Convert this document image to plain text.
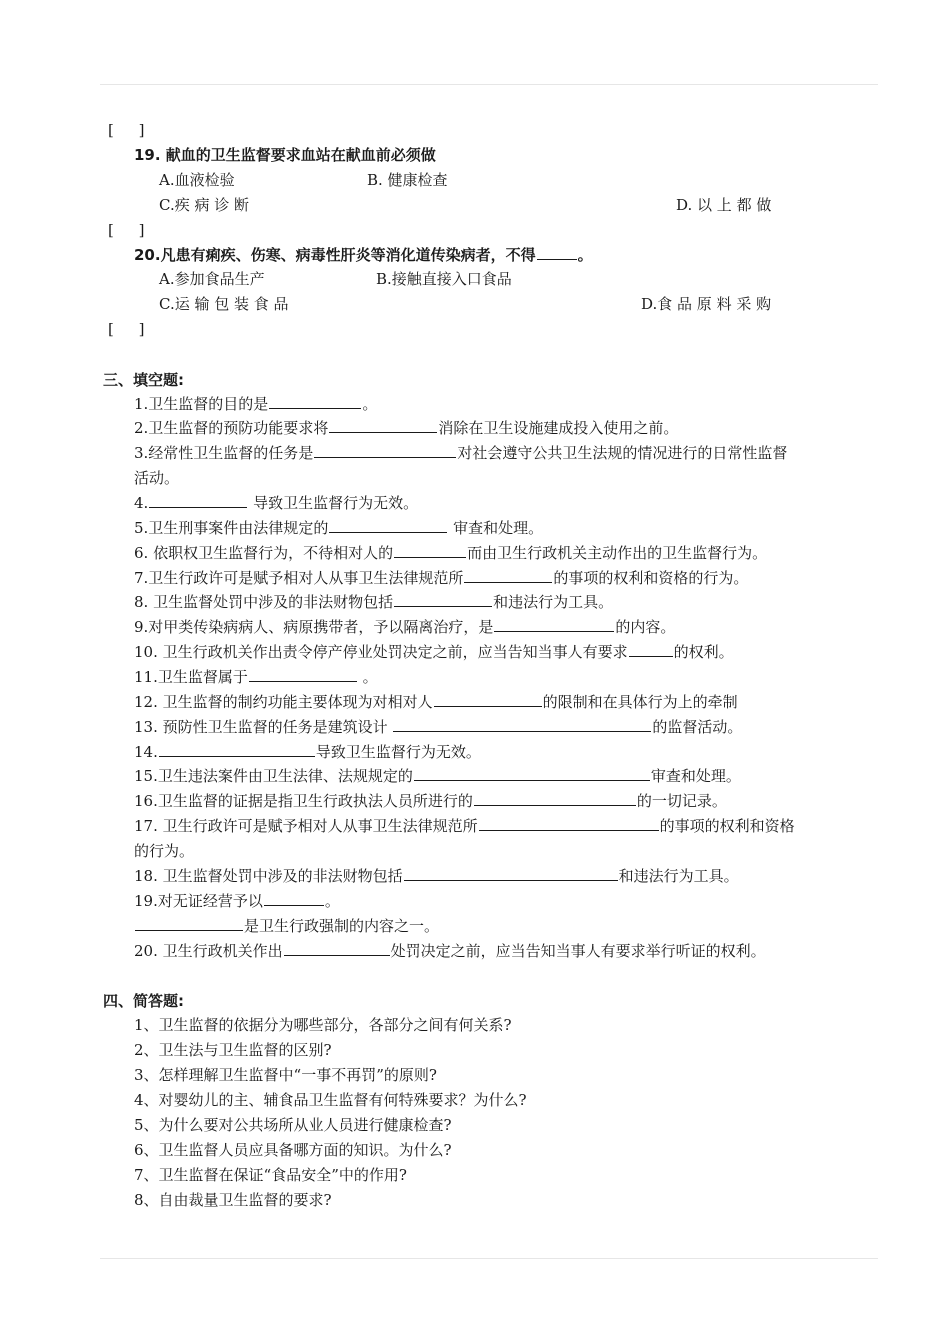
[ ]
19. 献血的卫生监督要求血站在献血前必须做
A.血液检验	B. 健康检查
C.疾 病 诊 断	D. 以 上 都 做
[ ]
20.凡患有痢疾、伤寒、病毒性肝炎等消化道传染病者，不得	。
A.参加食品生产	B.接触直接入口食品
C.运 输 包 装 食 品	D.食 品 原 料 采 购
[ ]
三、填空题:
1.卫生监督的目的是	。
2.卫生监督的预防功能要求将	消除在卫生设施建成投入使用之前。
3.经常性卫生监督的任务是	对社会遵守公共卫生法规的情况进行的日常性监督
活动。
4.	导致卫生监督行为无效。
5.卫生刑事案件由法律规定的	审查和处理。
6. 依职权卫生监督行为，不待相对人的	而由卫生行政机关主动作出的卫生监督行为。
7.卫生行政许可是赋予相对人从事卫生法律规范所	的事项的权利和资格的行为。
8. 卫生监督处罚中涉及的非法财物包括	和违法行为工具。
9.对甲类传染病病人、病原携带者，予以隔离治疗，是	的内容。
10. 卫生行政机关作出责令停产停业处罚决定之前，应当告知当事人有要求	的权利。
11.卫生监督属于	。
12. 卫生监督的制约功能主要体现为对相对人	的限制和在具体行为上的牵制
13. 预防性卫生监督的任务是建筑设计	的监督活动。
14.	导致卫生监督行为无效。
15.卫生违法案件由卫生法律、法规规定的	审查和处理。
16.卫生监督的证据是指卫生行政执法人员所进行的	的一切记录。
17. 卫生行政许可是赋予相对人从事卫生法律规范所	的事项的权利和资格
的行为。
18. 卫生监督处罚中涉及的非法财物包括	和违法行为工具。
19.对无证经营予以	。
是卫生行政强制的内容之一。
20. 卫生行政机关作出	处罚决定之前，应当告知当事人有要求举行听证的权利。
四、简答题:
1、卫生监督的依据分为哪些部分，各部分之间有何关系?
2、卫生法与卫生监督的区别?
3、怎样理解卫生监督中“一事不再罚”的原则?
4、对婴幼儿的主、辅食品卫生监督有何特殊要求？为什么?
5、为什么要对公共场所从业人员进行健康检查?
6、卫生监督人员应具备哪方面的知识。为什么?
7、卫生监督在保证“食品安全”中的作用?
8、自由裁量卫生监督的要求?
